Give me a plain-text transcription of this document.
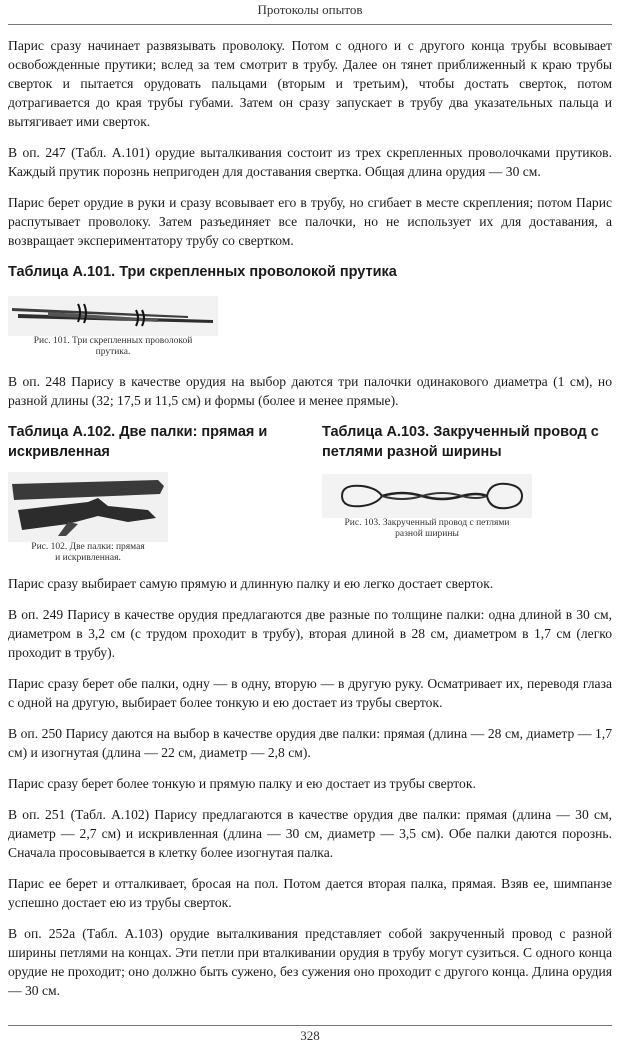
Протоколы опытов

Парис сразу начинает развязывать проволоку. Потом с одного и с другого конца трубы всовывает освобожденные прутики; вслед за тем смотрит в трубу. Далее он тянет приближенный к краю трубы сверток и пытается орудовать пальцами (вторым и третьим), чтобы достать сверток, потом дотрагивается до края трубы губами. Затем он сразу запускает в трубу два указательных пальца и вытягивает ими сверток.

В оп. 247 (Табл. А.101) орудие выталкивания состоит из трех скрепленных проволочками прутиков. Каждый прутик порознь непригоден для доставания свертка. Общая длина орудия — 30 см.

Парис берет орудие в руки и сразу всовывает его в трубу, но сгибает в месте скрепления; потом Парис распутывает проволоку. Затем разъединяет все палочки, но не использует их для доставания, а возвращает экспериментатору трубу со свертком.

Таблица А.101. Три скрепленных проволокой прутика
Рис. 101. Три скрепленных проволокой
прутика.

В оп. 248 Парису в качестве орудия на выбор даются три палочки одинакового диаметра (1 см), но разной длины (32; 17,5 и 11,5 см) и формы (более и менее прямые).

Таблица А.102. Две палки: прямая и искривленная
Рис. 102. Две палки: прямая
и искривленная.
Таблица А.103. Закрученный провод с петлями разной ширины
Рис. 103. Закрученный провод с петлями
разной ширины

Парис сразу выбирает самую прямую и длинную палку и ею легко достает сверток.

В оп. 249 Парису в качестве орудия предлагаются две разные по толщине палки: одна длиной в 30 см, диаметром в 3,2 см (с трудом проходит в трубу), вторая длиной в 28 см, диаметром в 1,7 см (легко проходит в трубу).

Парис сразу берет обе палки, одну — в одну, вторую — в другую руку. Осматривает их, переводя глаза с одной на другую, выбирает более тонкую и ею достает из трубы сверток.

В оп. 250 Парису даются на выбор в качестве орудия две палки: прямая (длина — 28 см, диаметр — 1,7 см) и изогнутая (длина — 22 см, диаметр — 2,8 см).

Парис сразу берет более тонкую и прямую палку и ею достает из трубы сверток.

В оп. 251 (Табл. А.102) Парису предлагаются в качестве орудия две палки: прямая (длина — 30 см, диаметр — 2,7 см) и искривленная (длина — 30 см, диаметр — 3,5 см). Обе палки даются порознь. Сначала просовывается в клетку более изогнутая палка.

Парис ее берет и отталкивает, бросая на пол. Потом дается вторая палка, прямая. Взяв ее, шимпанзе успешно достает ею из трубы сверток.

В оп. 252а (Табл. А.103) орудие выталкивания представляет собой закрученный провод с разной ширины петлями на концах. Эти петли при вталкивании орудия в трубу могут сузиться. С одного конца орудие не проходит; оно должно быть сужено, без сужения оно проходит с другого конца. Длина орудия — 30 см.

328
